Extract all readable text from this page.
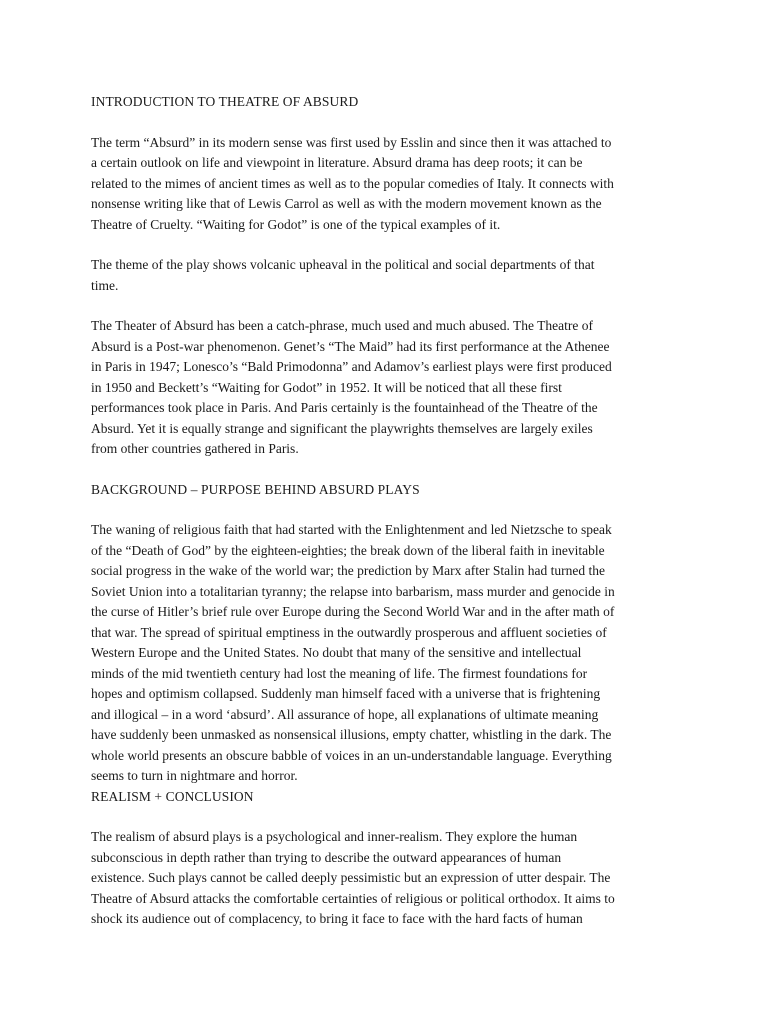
INTRODUCTION TO THEATRE OF ABSURD
The term “Absurd” in its modern sense was first used by Esslin and since then it was attached to
a certain outlook on life and viewpoint in literature. Absurd drama has deep roots; it can be
related to the mimes of ancient times as well as to the popular comedies of Italy. It connects with
nonsense writing like that of Lewis Carrol as well as with the modern movement known as the
Theatre of Cruelty. “Waiting for Godot” is one of the typical examples of it.
The theme of the play shows volcanic upheaval in the political and social departments of that
time.
The Theater of Absurd has been a catch-phrase, much used and much abused. The Theatre of
Absurd is a Post-war phenomenon. Genet’s “The Maid” had its first performance at the Athenee
in Paris in 1947; Lonesco’s “Bald Primodonna” and Adamov’s earliest plays were first produced
in 1950 and Beckett’s “Waiting for Godot” in 1952. It will be noticed that all these first
performances took place in Paris. And Paris certainly is the fountainhead of the Theatre of the
Absurd. Yet it is equally strange and significant the playwrights themselves are largely exiles
from other countries gathered in Paris.
BACKGROUND – PURPOSE BEHIND ABSURD PLAYS
The waning of religious faith that had started with the Enlightenment and led Nietzsche to speak
of the “Death of God” by the eighteen-eighties; the break down of the liberal faith in inevitable
social progress in the wake of the world war; the prediction by Marx after Stalin had turned the
Soviet Union into a totalitarian tyranny; the relapse into barbarism, mass murder and genocide in
the curse of Hitler’s brief rule over Europe during the Second World War and in the after math of
that war. The spread of spiritual emptiness in the outwardly prosperous and affluent societies of
Western Europe and the United States. No doubt that many of the sensitive and intellectual
minds of the mid twentieth century had lost the meaning of life. The firmest foundations for
hopes and optimism collapsed. Suddenly man himself faced with a universe that is frightening
and illogical – in a word ‘absurd’. All assurance of hope, all explanations of ultimate meaning
have suddenly been unmasked as nonsensical illusions, empty chatter, whistling in the dark. The
whole world presents an obscure babble of voices in an un-understandable language. Everything
seems to turn in nightmare and horror.
REALISM + CONCLUSION
The realism of absurd plays is a psychological and inner-realism. They explore the human
subconscious in depth rather than trying to describe the outward appearances of human
existence. Such plays cannot be called deeply pessimistic but an expression of utter despair. The
Theatre of Absurd attacks the comfortable certainties of religious or political orthodox. It aims to
shock its audience out of complacency, to bring it face to face with the hard facts of human
